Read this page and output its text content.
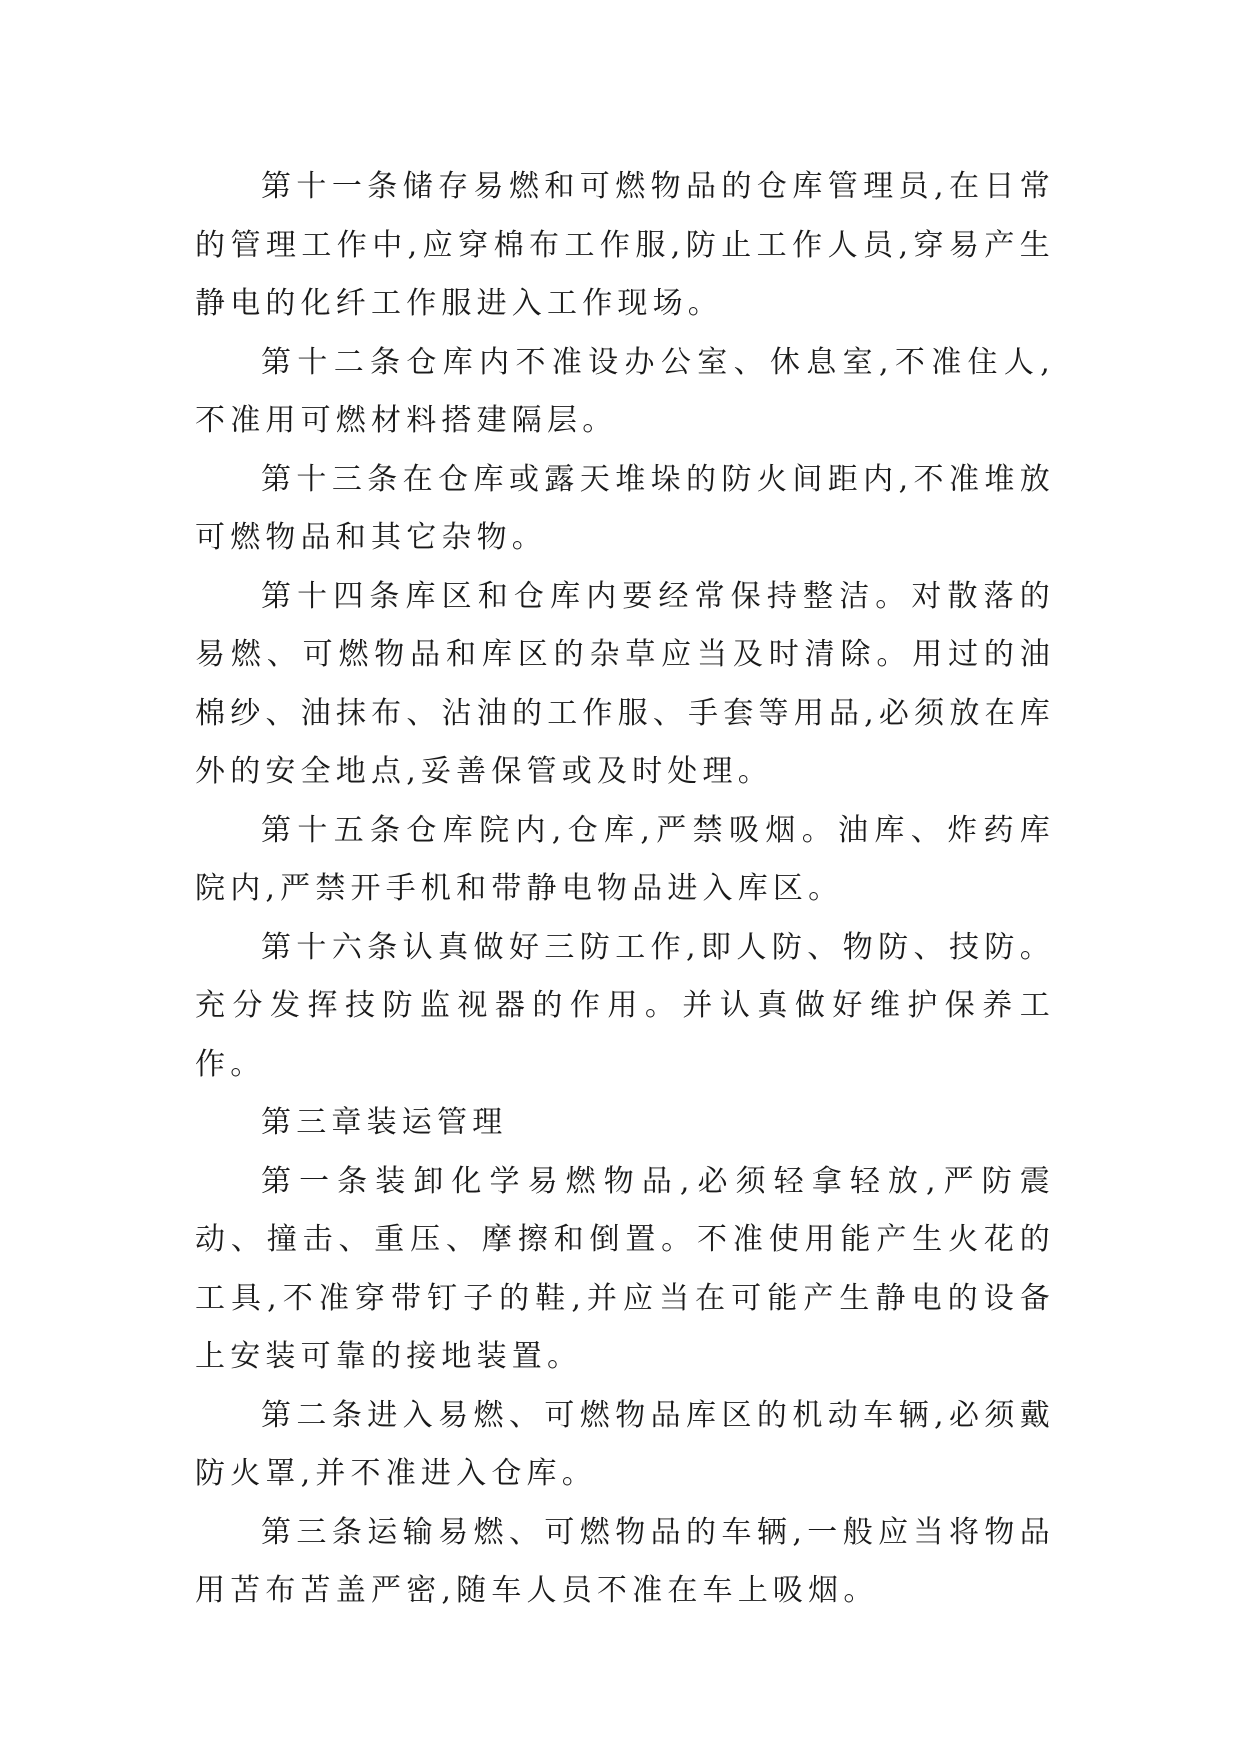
第十一条储存易燃和可燃物品的仓库管理员,在日常的管理工作中,应穿棉布工作服,防止工作人员,穿易产生静电的化纤工作服进入工作现场。

第十二条仓库内不准设办公室、休息室,不准住人,不准用可燃材料搭建隔层。

第十三条在仓库或露天堆垛的防火间距内,不准堆放可燃物品和其它杂物。

第十四条库区和仓库内要经常保持整洁。对散落的易燃、可燃物品和库区的杂草应当及时清除。用过的油棉纱、油抹布、沾油的工作服、手套等用品,必须放在库外的安全地点,妥善保管或及时处理。

第十五条仓库院内,仓库,严禁吸烟。油库、炸药库院内,严禁开手机和带静电物品进入库区。

第十六条认真做好三防工作,即人防、物防、技防。充分发挥技防监视器的作用。并认真做好维护保养工作。

第三章装运管理

第一条装卸化学易燃物品,必须轻拿轻放,严防震动、撞击、重压、摩擦和倒置。不准使用能产生火花的工具,不准穿带钉子的鞋,并应当在可能产生静电的设备上安装可靠的接地装置。

第二条进入易燃、可燃物品库区的机动车辆,必须戴防火罩,并不准进入仓库。

第三条运输易燃、可燃物品的车辆,一般应当将物品用苫布苫盖严密,随车人员不准在车上吸烟。
